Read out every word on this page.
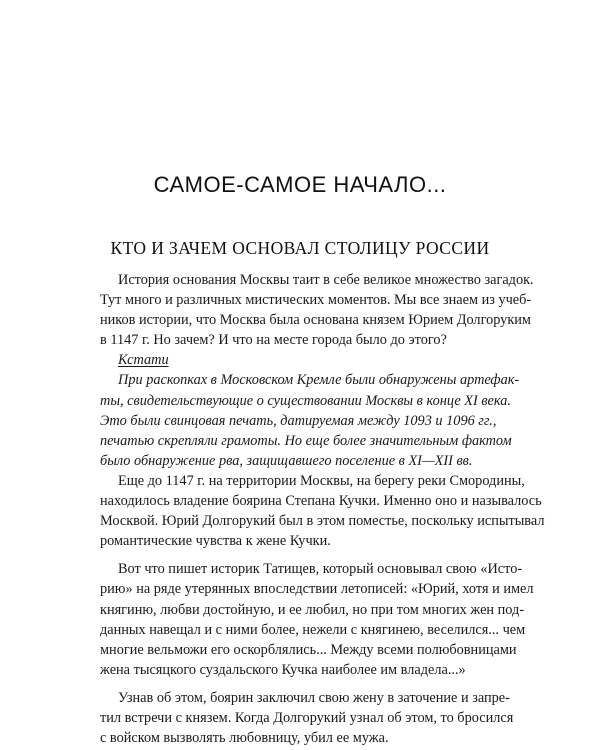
САМОЕ-САМОЕ НАЧАЛО...
КТО И ЗАЧЕМ ОСНОВАЛ СТОЛИЦУ РОССИИ
История основания Москвы таит в себе великое множество загадок.
Тут много и различных мистических моментов. Мы все знаем из учеб-
ников истории, что Москва была основана князем Юрием Долгоруким
в 1147 г. Но зачем? И что на месте города было до этого?
Кстати
При раскопках в Московском Кремле были обнаружены артефак-
ты, свидетельствующие о существовании Москвы в конце XI века.
Это были свинцовая печать, датируемая между 1093 и 1096 гг.,
печатью скрепляли грамоты. Но еще более значительным фактом
было обнаружение рва, защищавшего поселение в XI—XII вв.
Еще до 1147 г. на территории Москвы, на берегу реки Смородины,
находилось владение боярина Степана Кучки. Именно оно и называлось
Москвой. Юрий Долгорукий был в этом поместье, поскольку испытывал
романтические чувства к жене Кучки.
Вот что пишет историк Татищев, который основывал свою «Исто-
рию» на ряде утерянных впоследствии летописей: «Юрий, хотя и имел
княгиню, любви достойную, и ее любил, но при том многих жен под-
данных навещал и с ними более, нежели с княгинею, веселился... чем
многие вельможи его оскорблялись... Между всеми полюбовницами
жена тысяцкого суздальского Кучка наиболее им владела...»
Узнав об этом, боярин заключил свою жену в заточение и запре-
тил встречи с князем. Когда Долгорукий узнал об этом, то бросился
с войском вызволять любовницу, убил ее мужа.
